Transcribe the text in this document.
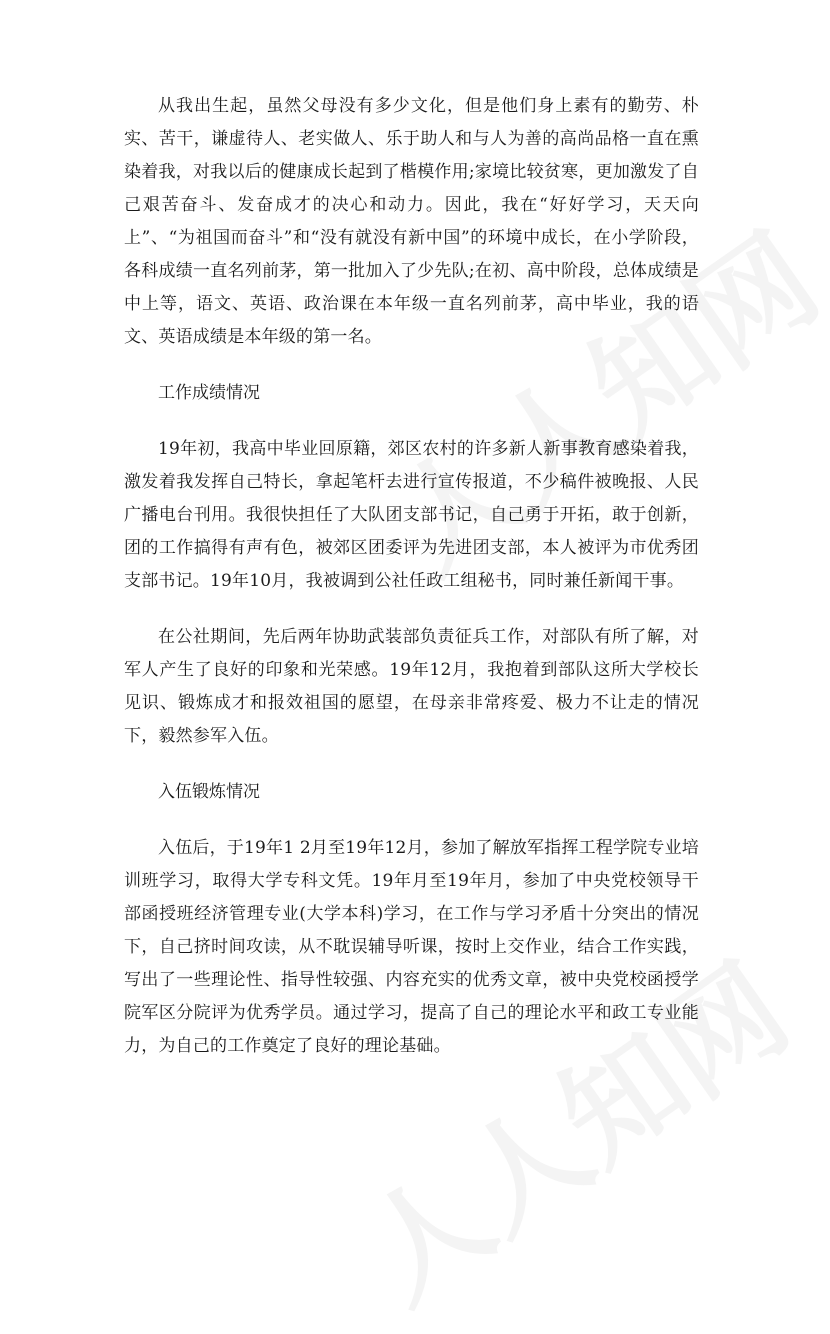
从我出生起，虽然父母没有多少文化，但是他们身上素有的勤劳、朴实、苦干，谦虚待人、老实做人、乐于助人和与人为善的高尚品格一直在熏染着我，对我以后的健康成长起到了楷模作用;家境比较贫寒，更加激发了自己艰苦奋斗、发奋成才的决心和动力。因此，我在“好好学习，天天向上”、“为祖国而奋斗”和“没有就没有新中国”的环境中成长，在小学阶段，各科成绩一直名列前茅，第一批加入了少先队;在初、高中阶段，总体成绩是中上等，语文、英语、政治课在本年级一直名列前茅，高中毕业，我的语文、英语成绩是本年级的第一名。

工作成绩情况

19年初，我高中毕业回原籍，郊区农村的许多新人新事教育感染着我，激发着我发挥自己特长，拿起笔杆去进行宣传报道，不少稿件被晚报、人民广播电台刊用。我很快担任了大队团支部书记，自己勇于开拓，敢于创新，团的工作搞得有声有色，被郊区团委评为先进团支部，本人被评为市优秀团支部书记。19年10月，我被调到公社任政工组秘书，同时兼任新闻干事。

在公社期间，先后两年协助武装部负责征兵工作，对部队有所了解，对军人产生了良好的印象和光荣感。19年12月，我抱着到部队这所大学校长见识、锻炼成才和报效祖国的愿望，在母亲非常疼爱、极力不让走的情况下，毅然参军入伍。

入伍锻炼情况

入伍后，于19年1 2月至19年12月，参加了解放军指挥工程学院专业培训班学习，取得大学专科文凭。19年月至19年月，参加了中央党校领导干部函授班经济管理专业(大学本科)学习，在工作与学习矛盾十分突出的情况下，自己挤时间攻读，从不耽误辅导听课，按时上交作业，结合工作实践，写出了一些理论性、指导性较强、内容充实的优秀文章，被中央党校函授学院军区分院评为优秀学员。通过学习，提高了自己的理论水平和政工专业能力，为自己的工作奠定了良好的理论基础。
